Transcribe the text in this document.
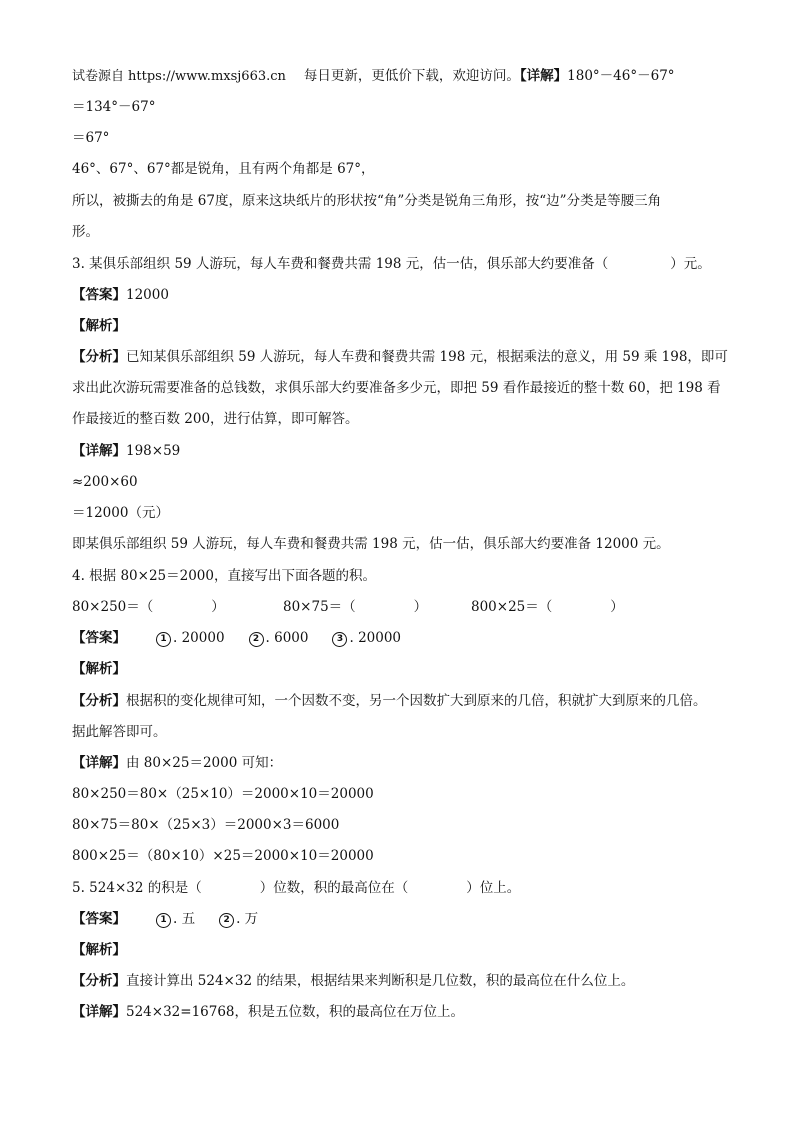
试卷源自 https://www.mxsj663.cn 每日更新，更低价下载，欢迎访问。【详解】180°－46°－67°
＝134°－67°
＝67°
46°、67°、67°都是锐角，且有两个角都是 67°，
所以，被撕去的角是 67度，原来这块纸片的形状按“角”分类是锐角三角形，按“边”分类是等腰三角
形。
3. 某俱乐部组织 59 人游玩，每人车费和餐费共需 198 元，估一估，俱乐部大约要准备（	）元。
【答案】12000
【解析】
【分析】已知某俱乐部组织 59 人游玩，每人车费和餐费共需 198 元，根据乘法的意义，用 59 乘 198，即可
求出此次游玩需要准备的总钱数，求俱乐部大约要准备多少元，即把 59 看作最接近的整十数 60，把 198 看
作最接近的整百数 200，进行估算，即可解答。
【详解】198×59
≈200×60
＝12000（元）
即某俱乐部组织 59 人游玩，每人车费和餐费共需 198 元，估一估，俱乐部大约要准备 12000 元。
4. 根据 80×25＝2000，直接写出下面各题的积。
80×250＝（	）	80×75＝（	）	800×25＝（	）
【答案】	1 . 20000	2 . 6000	3 . 20000
【解析】
【分析】根据积的变化规律可知，一个因数不变，另一个因数扩大到原来的几倍，积就扩大到原来的几倍。
据此解答即可。
【详解】由 80×25＝2000 可知：
80×250＝80×（25×10）＝2000×10＝20000
80×75＝80×（25×3）＝2000×3＝6000
800×25＝（80×10）×25＝2000×10＝20000
5. 524×32 的积是（	）位数，积的最高位在（	）位上。
【答案】	1 . 五	2 . 万
【解析】
【分析】直接计算出 524×32 的结果，根据结果来判断积是几位数，积的最高位在什么位上。
【详解】524×32=16768，积是五位数，积的最高位在万位上。
